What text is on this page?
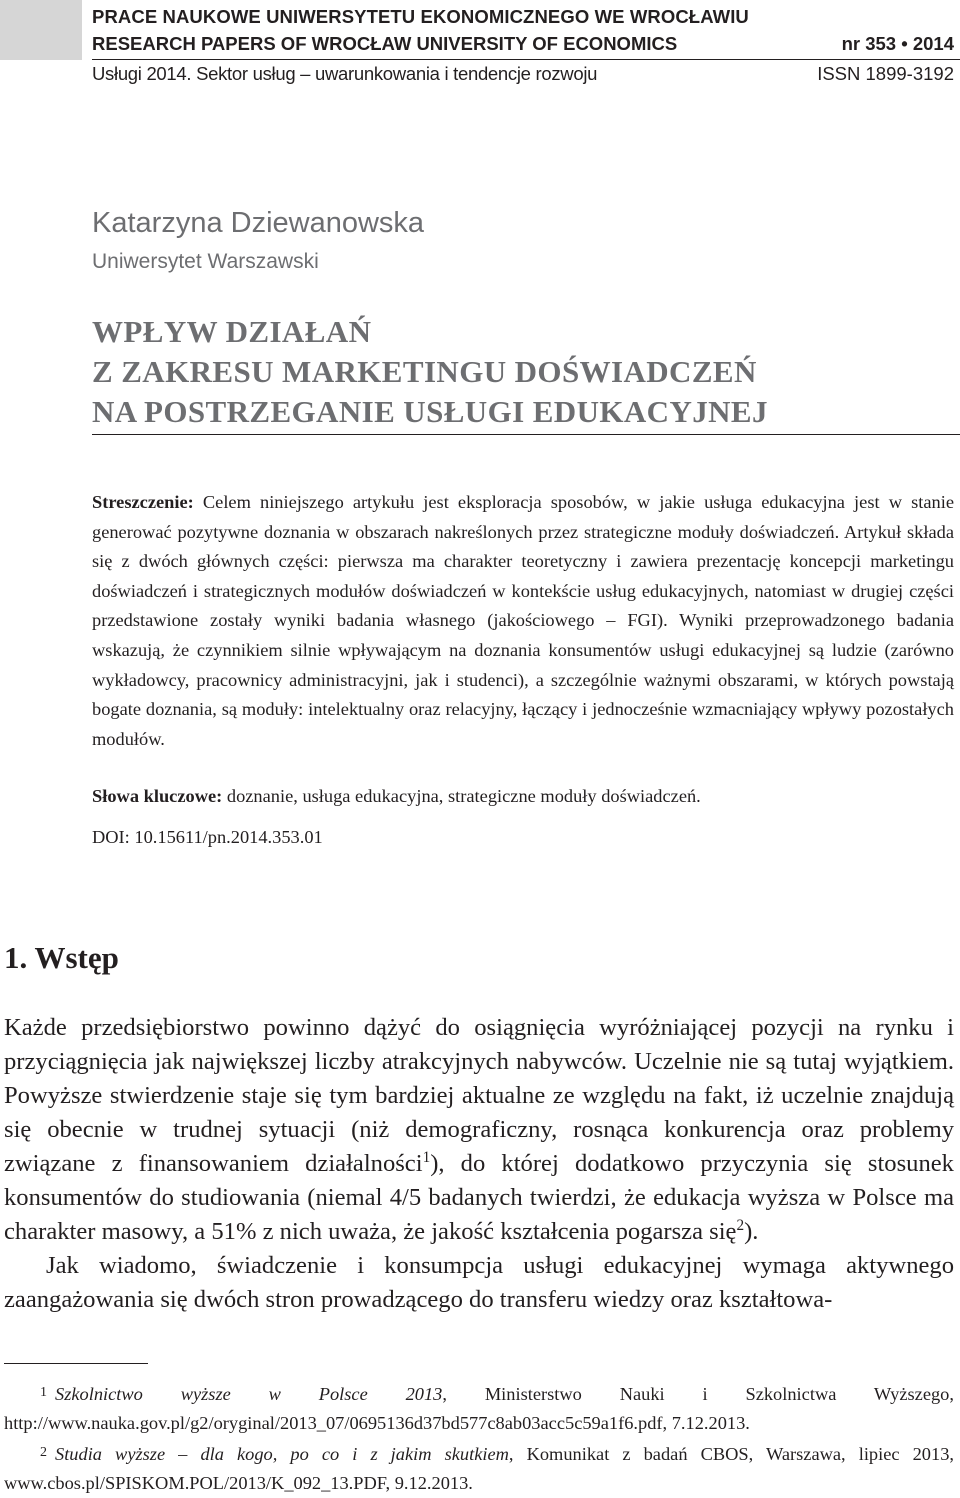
PRACE NAUKOWE UNIWERSYTETU EKONOMICZNEGO WE WROCŁAWIU
RESEARCH PAPERS OF WROCŁAW UNIVERSITY OF ECONOMICS	nr 353 • 2014
Usługi 2014. Sektor usług – uwarunkowania i tendencje rozwoju	ISSN 1899-3192
Katarzyna Dziewanowska
Uniwersytet Warszawski
WPŁYW DZIAŁAŃ
Z ZAKRESU MARKETINGU DOŚWIADCZEŃ
NA POSTRZEGANIE USŁUGI EDUKACYJNEJ
Streszczenie: Celem niniejszego artykułu jest eksploracja sposobów, w jakie usługa edukacyjna jest w stanie generować pozytywne doznania w obszarach nakreślonych przez strategiczne moduły doświadczeń. Artykuł składa się z dwóch głównych części: pierwsza ma charakter teoretyczny i zawiera prezentację koncepcji marketingu doświadczeń i strategicznych modułów doświadczeń w kontekście usług edukacyjnych, natomiast w drugiej części przedstawione zostały wyniki badania własnego (jakościowego – FGI). Wyniki przeprowadzonego badania wskazują, że czynnikiem silnie wpływającym na doznania konsumentów usługi edukacyjnej są ludzie (zarówno wykładowcy, pracownicy administracyjni, jak i studenci), a szczególnie ważnymi obszarami, w których powstają bogate doznania, są moduły: intelektualny oraz relacyjny, łączący i jednocześnie wzmacniający wpływy pozostałych modułów.
Słowa kluczowe: doznanie, usługa edukacyjna, strategiczne moduły doświadczeń.
DOI: 10.15611/pn.2014.353.01
1. Wstęp

Każde przedsiębiorstwo powinno dążyć do osiągnięcia wyróżniającej pozycji na rynku i przyciągnięcia jak największej liczby atrakcyjnych nabywców. Uczelnie nie są tutaj wyjątkiem. Powyższe stwierdzenie staje się tym bardziej aktualne ze względu na fakt, iż uczelnie znajdują się obecnie w trudnej sytuacji (niż demograficzny, rosnąca konkurencja oraz problemy związane z finansowaniem działalności$^1$), do której dodatkowo przyczynia się stosunek konsumentów do studiowania (niemal 4/5 badanych twierdzi, że edukacja wyższa w Polsce ma charakter masowy, a 51% z nich uważa, że jakość kształcenia pogarsza się$^2$).

Jak wiadomo, świadczenie i konsumpcja usługi edukacyjnej wymaga aktywnego zaangażowania się dwóch stron prowadzącego do transferu wiedzy oraz kształtowa-

$^1$ Szkolnictwo wyższe w Polsce 2013, Ministerstwo Nauki i Szkolnictwa Wyższego, http://www.nauka.gov.pl/g2/oryginal/2013_07/0695136d37bd577c8ab03acc5c59a1f6.pdf, 7.12.2013.

$^2$ Studia wyższe – dla kogo, po co i z jakim skutkiem, Komunikat z badań CBOS, Warszawa, lipiec 2013, www.cbos.pl/SPISKOM.POL/2013/K_092_13.PDF, 9.12.2013.
